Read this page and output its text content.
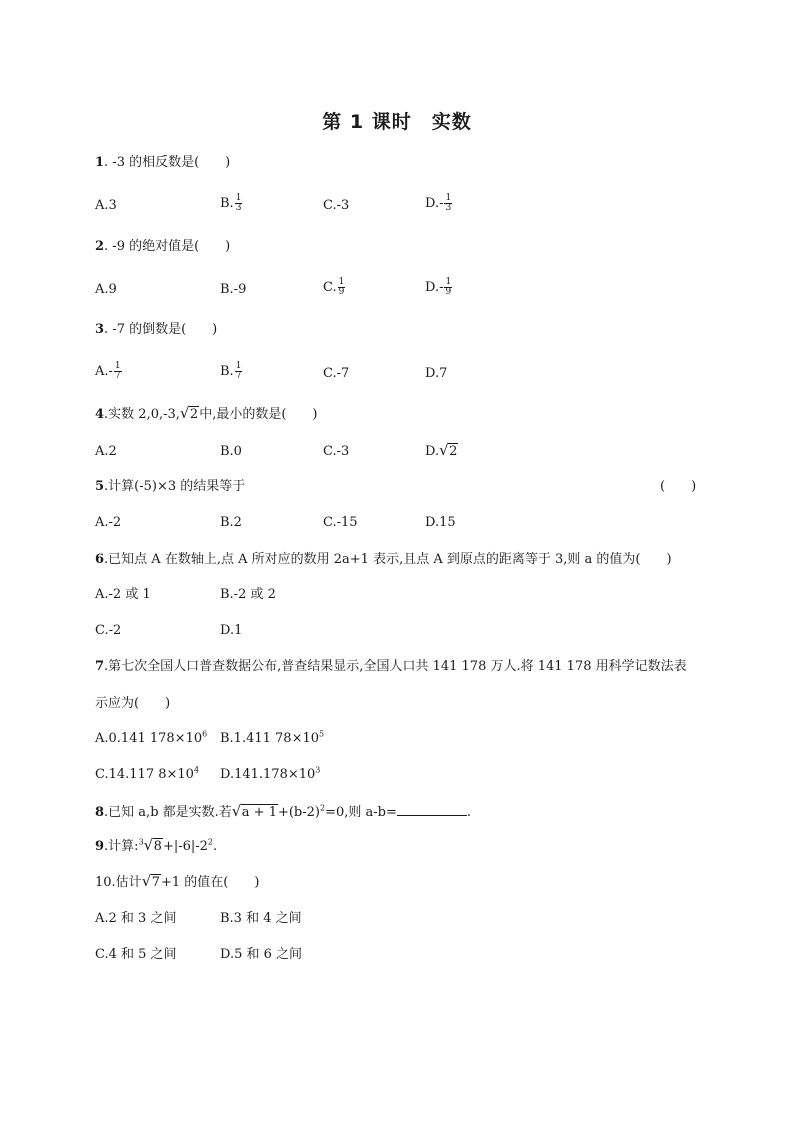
第 1 课时　实数
1. -3 的相反数是(　　)
A.3	B. $\frac{1}{3}$	C.-3	$D.- \frac{1}{3}$
2. -9 的绝对值是(　　)
A.9	B.-9	C. $\frac{1}{9}$	$D.- \frac{1}{9}$
3. -7 的倒数是(　　)
$A.- \frac{1}{7}$	B. $\frac{1}{7}$	C.-7	D.7
4.实数 2,0,-3, √ 2中,最小的数是(　　)
A.2	B.0	C.-3	D. √ 2
5.计算(-5)×3 的结果等于	(　　)
A.-2	B.2	C.-15	D.15
6.已知点 A 在数轴上,点 A 所对应的数用 2a+1 表示,且点 A 到原点的距离等于 3,则 a 的值为(　　)
A.-2 或 1	B.-2 或 2
C.-2	D.1
7.第七次全国人口普查数据公布,普查结果显示,全国人口共 141 178 万人.将 141 178 用科学记数法表
示应为(　　)
A.0.141 $178\times 10^6$ B.1.411 $78\times 10^5$
C.14.117 $8\times 10^4$ $D.141.178\times 10^3$
8.已知 a,b 都是实数.若 √ $a + 1+(b-2)^2=0$,则 a-b=	.
9.计算:$^3$ √ $8+|-6|-2^2$.
10.估计 √ 7+1 的值在(　　)
A.2 和 3 之间	B.3 和 4 之间
C.4 和 5 之间	D.5 和 6 之间
